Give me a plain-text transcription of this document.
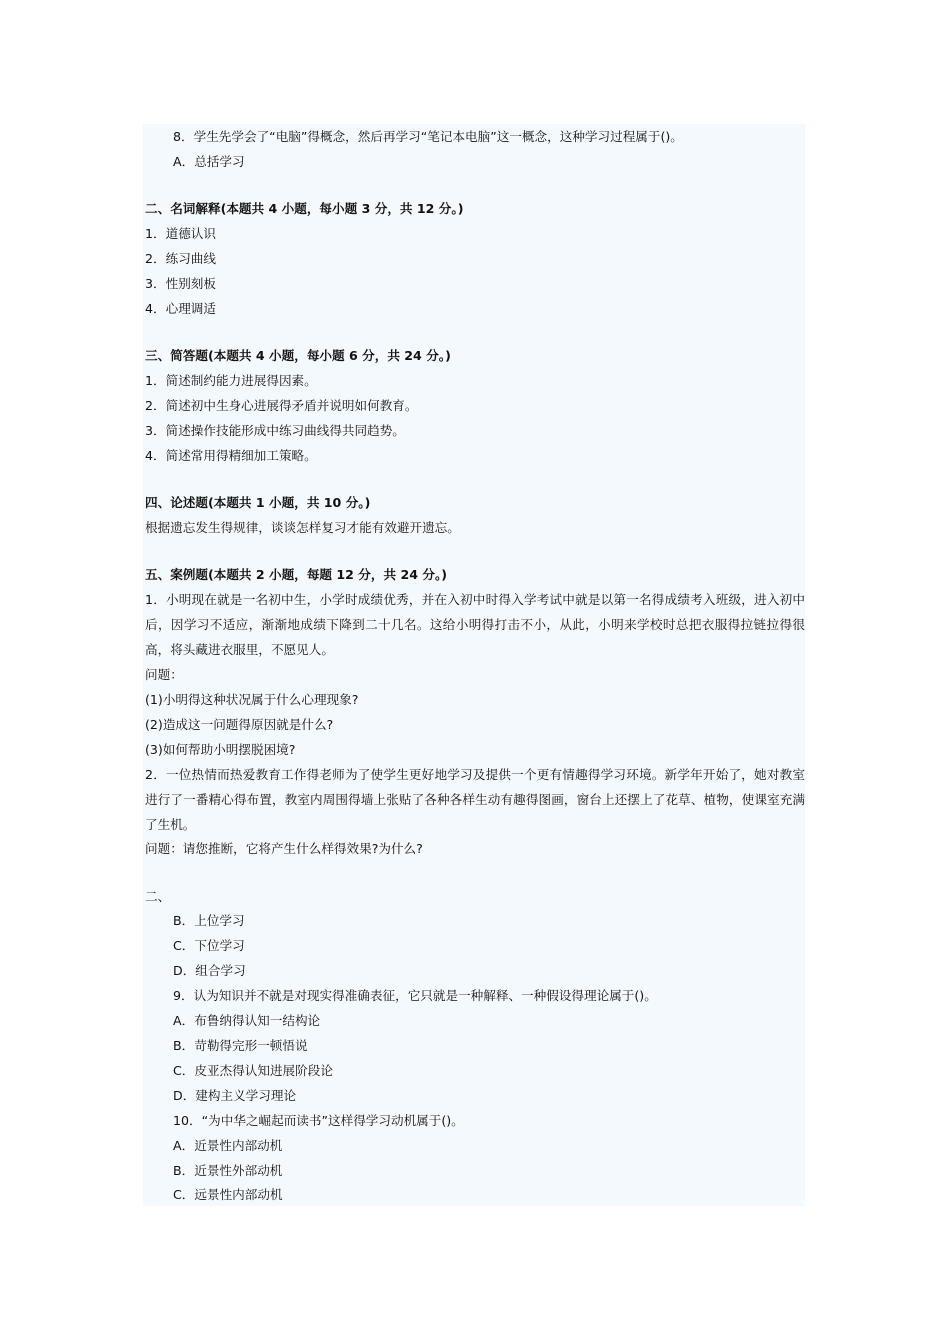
8．学生先学会了“电脑”得概念，然后再学习“笔记本电脑”这一概念，这种学习过程属于()。
A．总括学习
二、名词解释(本题共 4 小题，每小题 3 分，共 12 分。)
1．道德认识
2．练习曲线
3．性别刻板
4．心理调适
三、简答题(本题共 4 小题，每小题 6 分，共 24 分。)
1．简述制约能力进展得因素。
2．简述初中生身心进展得矛盾并说明如何教育。
3．简述操作技能形成中练习曲线得共同趋势。
4．简述常用得精细加工策略。
四、论述题(本题共 1 小题，共 10 分。)
根据遗忘发生得规律，谈谈怎样复习才能有效避开遗忘。
五、案例题(本题共 2 小题，每题 12 分，共 24 分。)
1．小明现在就是一名初中生，小学时成绩优秀，并在入初中时得入学考试中就是以第一名得成绩考入班级，进入初中后，因学习不适应，渐渐地成绩下降到二十几名。这给小明得打击不小，从此，小明来学校时总把衣服得拉链拉得很高，将头藏进衣服里，不愿见人。
问题：
(1)小明得这种状况属于什么心理现象?
(2)造成这一问题得原因就是什么?
(3)如何帮助小明摆脱困境?
2．一位热情而热爱教育工作得老师为了使学生更好地学习及提供一个更有情趣得学习环境。新学年开始了，她对教室进行了一番精心得布置，教室内周围得墙上张贴了各种各样生动有趣得图画，窗台上还摆上了花草、植物，使课室充满了生机。
问题：请您推断，它将产生什么样得效果?为什么?
二、
B．上位学习
C．下位学习
D．组合学习
9．认为知识并不就是对现实得准确表征，它只就是一种解释、一种假设得理论属于()。
A．布鲁纳得认知一结构论
B．苛勒得完形一顿悟说
C．皮亚杰得认知进展阶段论
D．建构主义学习理论
10．“为中华之崛起而读书”这样得学习动机属于()。
A．近景性内部动机
B．近景性外部动机
C．远景性内部动机
